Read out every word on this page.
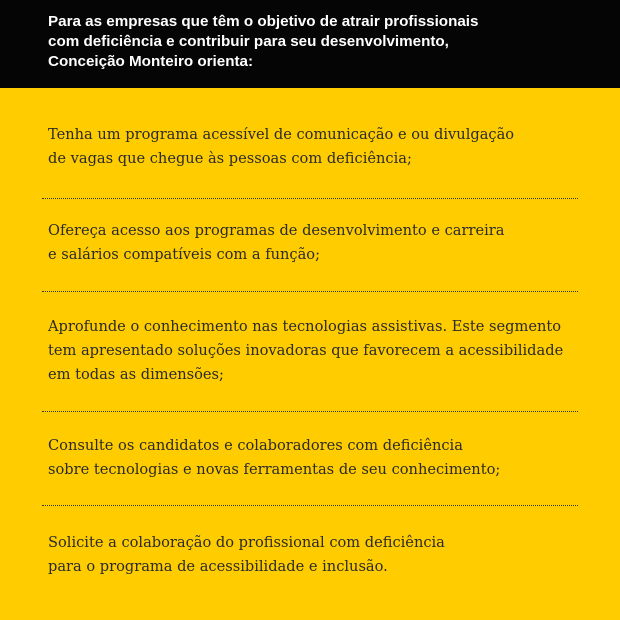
Para as empresas que têm o objetivo de atrair profissionais
com deficiência e contribuir para seu desenvolvimento,
Conceição Monteiro orienta:
Tenha um programa acessível de comunicação e ou divulgação
de vagas que chegue às pessoas com deficiência;
Ofereça acesso aos programas de desenvolvimento e carreira
e salários compatíveis com a função;
Aprofunde o conhecimento nas tecnologias assistivas. Este segmento
tem apresentado soluções inovadoras que favorecem a acessibilidade
em todas as dimensões;
Consulte os candidatos e colaboradores com deficiência
sobre tecnologias e novas ferramentas de seu conhecimento;
Solicite a colaboração do profissional com deficiência
para o programa de acessibilidade e inclusão.
